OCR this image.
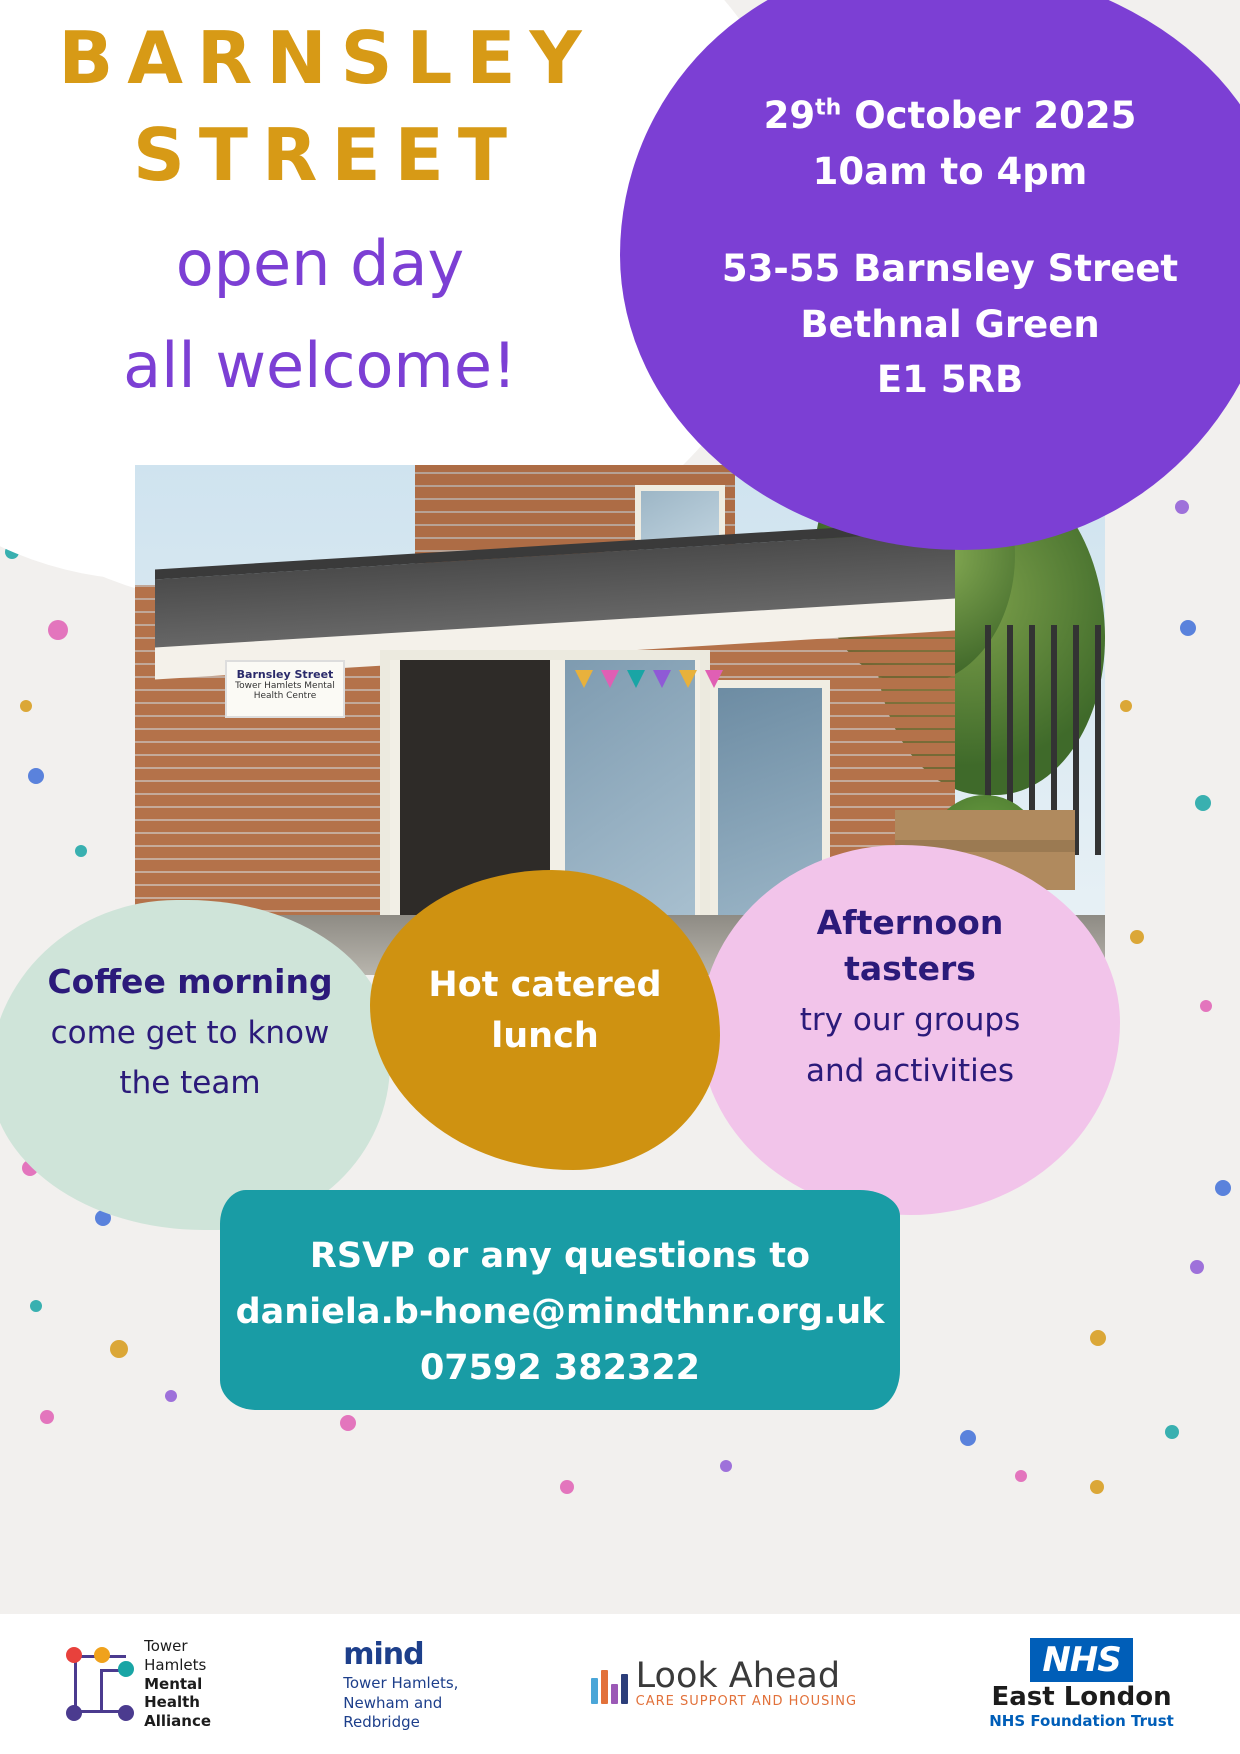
BARNSLEY
STREET
open day
all welcome!
29th October 2025
10am to 4pm
53-55 Barnsley Street
Bethnal Green
E1 5RB
Barnsley Street
Tower Hamlets Mental Health Centre
Coffee morning
come get to know
the team
Hot catered
lunch
Afternoon
tasters
try our groups
and activities
RSVP or any questions to
daniela.b-hone@mindthnr.org.uk
07592 382322
Tower
Hamlets
Mental
Health
Alliance
mind
Tower Hamlets,
Newham and
Redbridge
Look Ahead
CARE SUPPORT AND HOUSING
NHS
East London
NHS Foundation Trust
